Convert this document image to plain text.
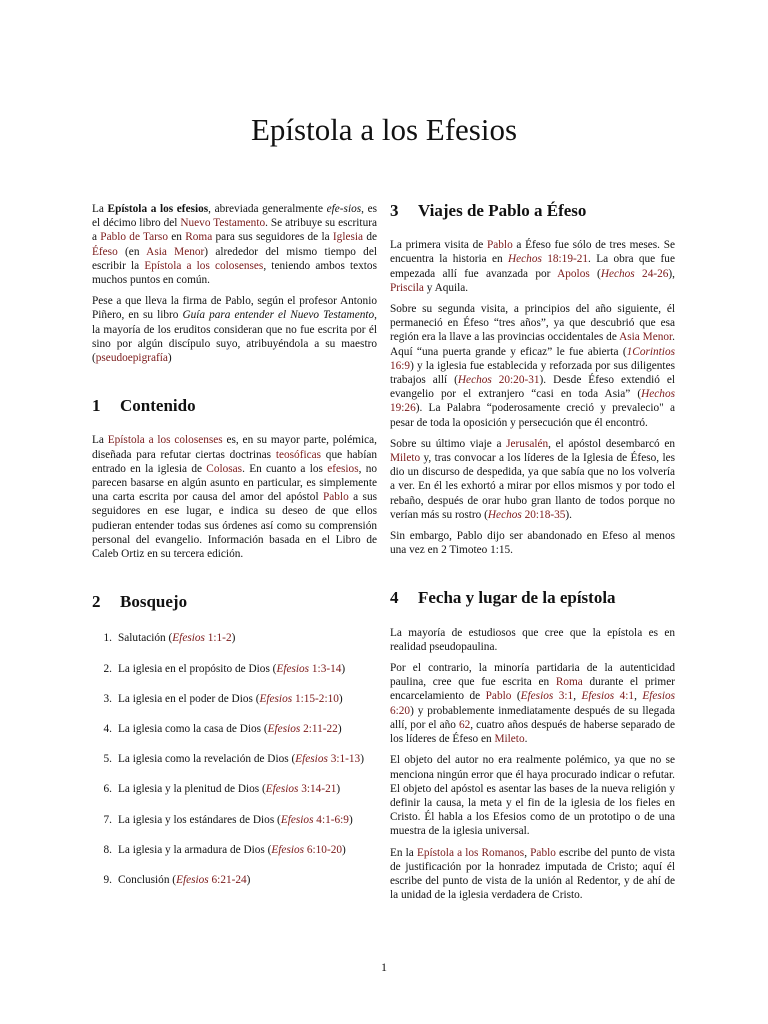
Epístola a los Efesios

La Epístola a los efesios, abreviada generalmente efe-sios, es el décimo libro del Nuevo Testamento. Se atribuye su escritura a Pablo de Tarso en Roma para sus seguidores de la Iglesia de Éfeso (en Asia Menor) alrededor del mismo tiempo del escribir la Epístola a los colosenses, teniendo ambos textos muchos puntos en común.

Pese a que lleva la firma de Pablo, según el profesor Antonio Piñero, en su libro Guía para entender el Nuevo Testamento, la mayoría de los eruditos consideran que no fue escrita por él sino por algún discípulo suyo, atribuyéndola a su maestro (pseudoepigrafía)

1 Contenido

La Epístola a los colosenses es, en su mayor parte, polémica, diseñada para refutar ciertas doctrinas teosóficas que habían entrado en la iglesia de Colosas. En cuanto a los efesios, no parecen basarse en algún asunto en particular, es simplemente una carta escrita por causa del amor del apóstol Pablo a sus seguidores en ese lugar, e indica su deseo de que ellos pudieran entender todas sus órdenes así como su comprensión personal del evangelio. Información basada en el Libro de Caleb Ortiz en su tercera edición.

2 Bosquejo
1. Salutación (Efesios 1:1-2)
2. La iglesia en el propósito de Dios (Efesios 1:3-14)
3. La iglesia en el poder de Dios (Efesios 1:15-2:10)
4. La iglesia como la casa de Dios (Efesios 2:11-22)
5. La iglesia como la revelación de Dios (Efesios 3:1-13)
6. La iglesia y la plenitud de Dios (Efesios 3:14-21)
7. La iglesia y los estándares de Dios (Efesios 4:1-6:9)
8. La iglesia y la armadura de Dios (Efesios 6:10-20)
9. Conclusión (Efesios 6:21-24)
3 Viajes de Pablo a Éfeso

La primera visita de Pablo a Éfeso fue sólo de tres meses. Se encuentra la historia en Hechos 18:19-21. La obra que fue empezada allí fue avanzada por Apolos (Hechos 24-26), Priscila y Aquila.

Sobre su segunda visita, a principios del año siguiente, él permaneció en Éfeso “tres años”, ya que descubrió que esa región era la llave a las provincias occidentales de Asia Menor. Aquí “una puerta grande y eficaz” le fue abierta (1Corintios 16:9) y la iglesia fue establecida y reforzada por sus diligentes trabajos allí (Hechos 20:20-31). Desde Éfeso extendió el evangelio por el extranjero “casi en toda Asia” (Hechos 19:26). La Palabra “poderosamente creció y prevalecio" a pesar de toda la oposición y persecución que él encontró.

Sobre su último viaje a Jerusalén, el apóstol desembarcó en Mileto y, tras convocar a los líderes de la Iglesia de Éfeso, les dio un discurso de despedida, ya que sabía que no los volvería a ver. En él les exhortó a mirar por ellos mismos y por todo el rebaño, después de orar hubo gran llanto de todos porque no verían más su rostro (Hechos 20:18-35).

Sin embargo, Pablo dijo ser abandonado en Efeso al menos una vez en 2 Timoteo 1:15.

4 Fecha y lugar de la epístola

La mayoría de estudiosos que cree que la epístola es en realidad pseudopaulina.

Por el contrario, la minoría partidaria de la autenticidad paulina, cree que fue escrita en Roma durante el primer encarcelamiento de Pablo (Efesios 3:1, Efesios 4:1, Efesios 6:20) y probablemente inmediatamente después de su llegada allí, por el año 62, cuatro años después de haberse separado de los líderes de Éfeso en Mileto.

El objeto del autor no era realmente polémico, ya que no se menciona ningún error que él haya procurado indicar o refutar. El objeto del apóstol es asentar las bases de la nueva religión y definir la causa, la meta y el fin de la iglesia de los fieles en Cristo. Él habla a los Efesios como de un prototipo o de una muestra de la iglesia universal.

En la Epístola a los Romanos, Pablo escribe del punto de vista de justificación por la honradez imputada de Cristo; aquí él escribe del punto de vista de la unión al Redentor, y de ahí de la unidad de la iglesia verdadera de Cristo.

1
